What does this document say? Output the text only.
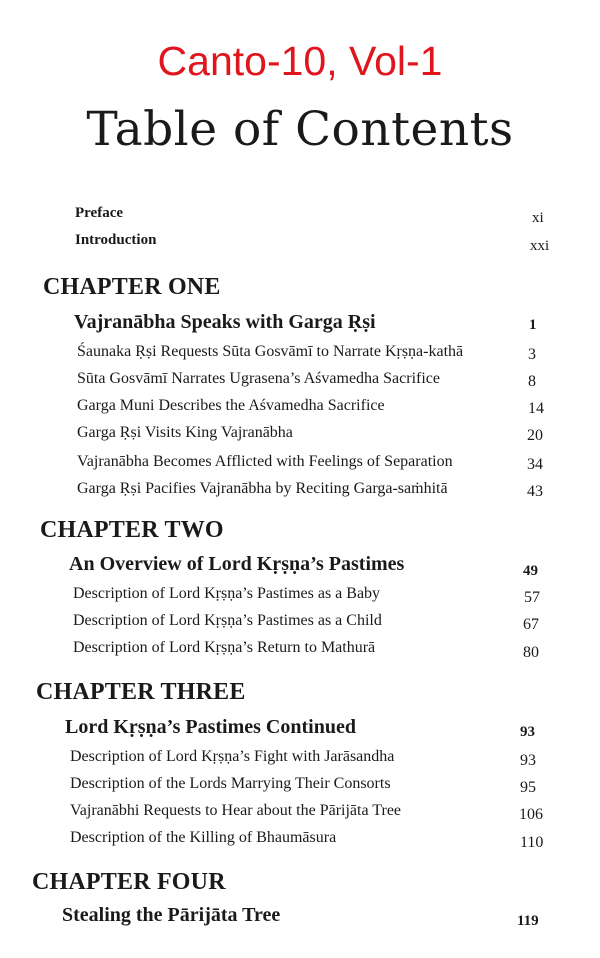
Canto-10, Vol-1
Table of Contents
Preface	xi
Introduction	xxi
CHAPTER ONE
Vajranābha Speaks with Garga Ṛṣi	1
Śaunaka Ṛṣi Requests Sūta Gosvāmī to Narrate Kṛṣṇa-kathā	3
Sūta Gosvāmī Narrates Ugrasena’s Aśvamedha Sacrifice	8
Garga Muni Describes the Aśvamedha Sacrifice	14
Garga Ṛṣi Visits King Vajranābha	20
Vajranābha Becomes Afflicted with Feelings of Separation	34
Garga Ṛṣi Pacifies Vajranābha by Reciting Garga-saṁhitā	43
CHAPTER TWO
An Overview of Lord Kṛṣṇa’s Pastimes	49
Description of Lord Kṛṣṇa’s Pastimes as a Baby	57
Description of Lord Kṛṣṇa’s Pastimes as a Child	67
Description of Lord Kṛṣṇa’s Return to Mathurā	80
CHAPTER THREE
Lord Kṛṣṇa’s Pastimes Continued	93
Description of Lord Kṛṣṇa’s Fight with Jarāsandha	93
Description of the Lords Marrying Their Consorts	95
Vajranābhi Requests to Hear about the Pārijāta Tree	106
Description of the Killing of Bhaumāsura	110
CHAPTER FOUR
Stealing the Pārijāta Tree	119
